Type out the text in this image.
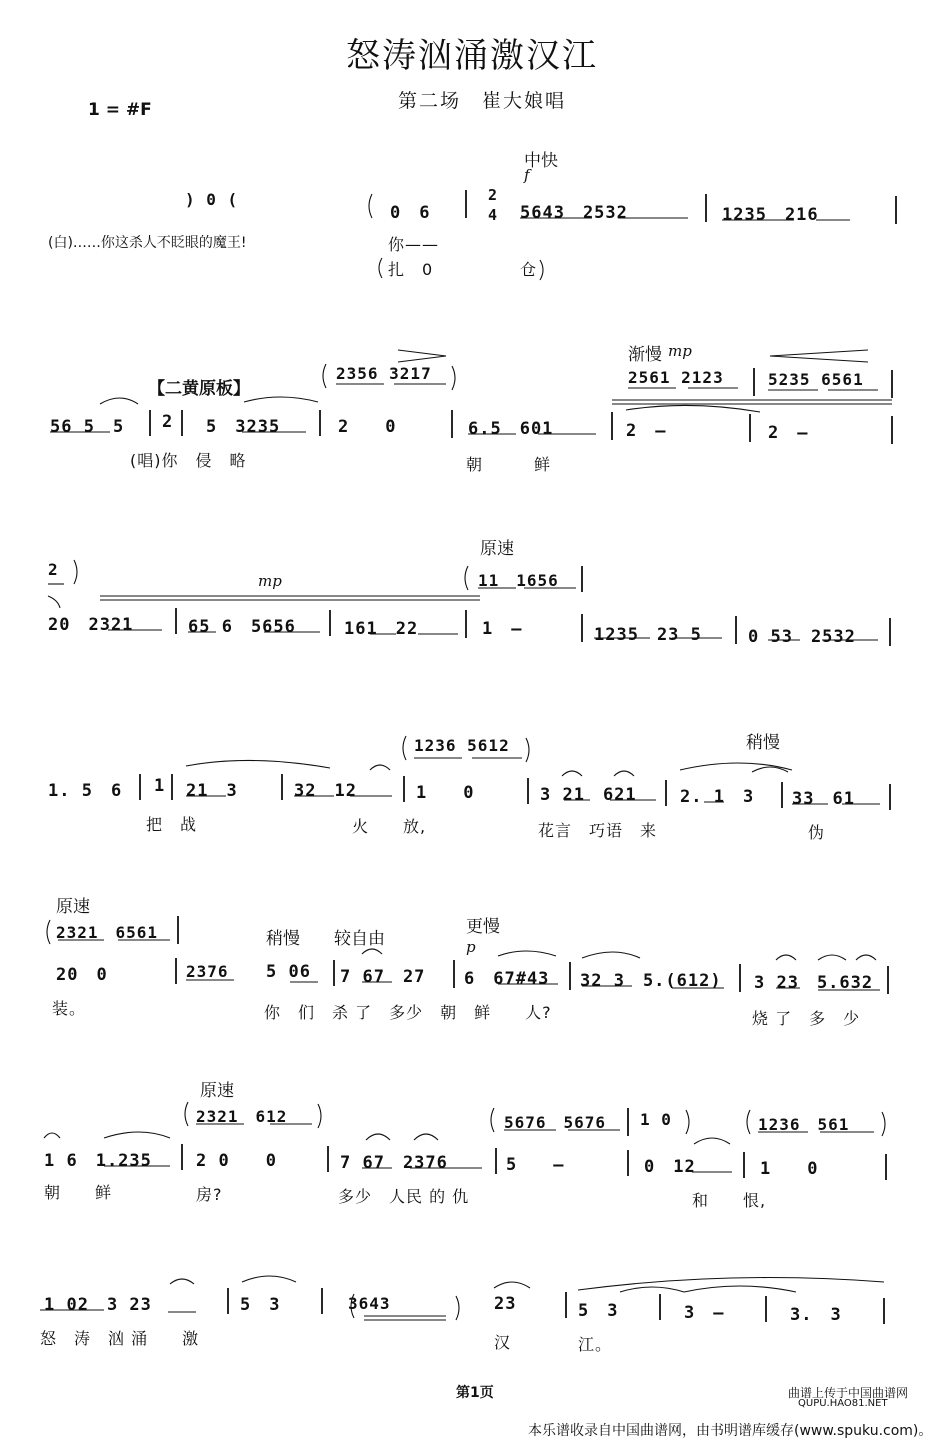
怒涛汹涌激汉江
第二场　崔大娘唱
1 = #F
) 0 (
(白)……你这杀人不眨眼的魔王!
中快
f
2
4
0　6	5643　2532	1235　216
你——
扎　0	仓
【二黄原板】
渐慢 mp
2356 3217	2561 2123	5235 6561
56 5　5 2 5　3235	2　　0	6.5　601	2　–	2　–
(唱)你　侵　略	朝　　　鲜
原速
mp
2
11　1656
20　2321	65 6　5656	161　22	1　–	1235　23 5	0 53　2532
稍慢
1236 5612
1. 5　6 1 21　3	32　12	1　　0	3 21　621	2. 1　3 33　61
把　战	火　　放,	花言　巧语　来	伪
原速
稍慢 较自由
更慢
p
2321　6561
20　0	2376 5 06 7 67　27 6　67#43 32 3　5.(612) 3 23　5.632
装。	你　们　杀 了　多少　朝　鲜　　人?	烧 了　多　少
原速
2321　612	5676　5676 1 0	1236　561
1 6　1.235	2 0　　0	7 67　2376	5　　–	0　12	1　　0
朝　　鲜	房?	多少　人民 的 仇	和　　恨,
1 02　3 23	5　3	3643	23	5　3	3　–	3.　3
怒　涛　汹 涌　　激	汉	江。
第1页	曲谱上传于中国曲谱网
QUPU.HAO81.NET
本乐谱收录自中国曲谱网，由书明谱库缓存(www.spuku.com)。
